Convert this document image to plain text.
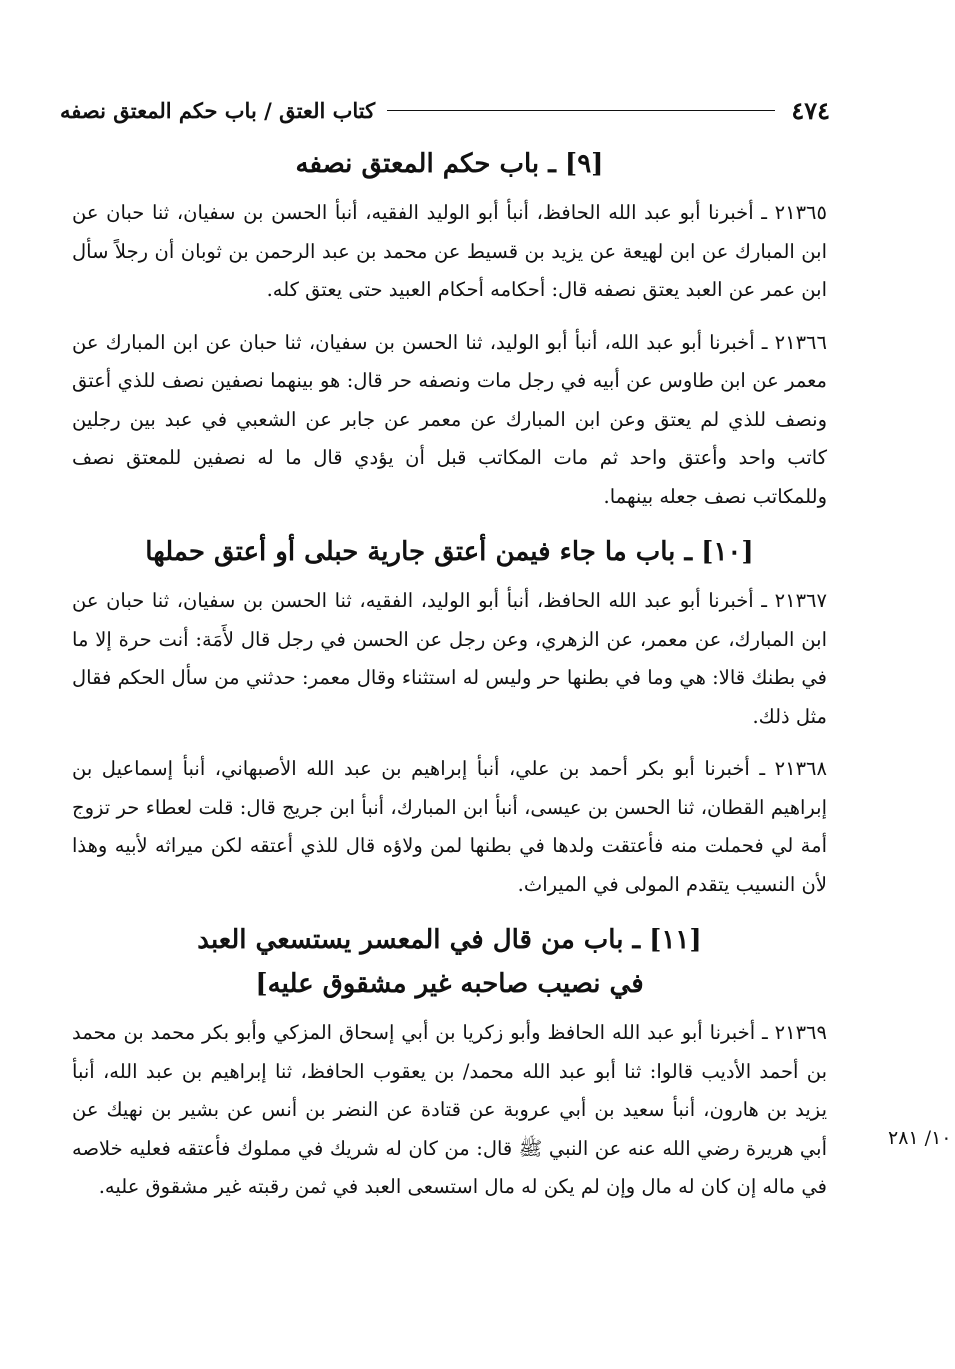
٤٧٤
كتاب العتق / باب حكم المعتق نصفه
[٩] ـ باب حكم المعتق نصفه

٢١٣٦٥ ـ أخبرنا أبو عبد الله الحافظ، أنبأ أبو الوليد الفقيه، أنبأ الحسن بن سفيان، ثنا حبان عن ابن المبارك عن ابن لهيعة عن يزيد بن قسيط عن محمد بن عبد الرحمن بن ثوبان أن رجلاً سأل ابن عمر عن العبد يعتق نصفه قال: أحكامه أحكام العبيد حتى يعتق كله.

٢١٣٦٦ ـ أخبرنا أبو عبد الله، أنبأ أبو الوليد، ثنا الحسن بن سفيان، ثنا حبان عن ابن المبارك عن معمر عن ابن طاوس عن أبيه في رجل مات ونصفه حر قال: هو بينهما نصفين نصف للذي أعتق ونصف للذي لم يعتق وعن ابن المبارك عن معمر عن جابر عن الشعبي في عبد بين رجلين كاتب واحد وأعتق واحد ثم مات المكاتب قبل أن يؤدي قال ما له نصفين للمعتق نصف وللمكاتب نصف جعله بينهما.

[١٠] ـ باب ما جاء فيمن أعتق جارية حبلى أو أعتق حملها

٢١٣٦٧ ـ أخبرنا أبو عبد الله الحافظ، أنبأ أبو الوليد، الفقيه، ثنا الحسن بن سفيان، ثنا حبان عن ابن المبارك، عن معمر، عن الزهري، وعن رجل عن الحسن في رجل قال لأَمَة: أنت حرة إلا ما في بطنك قالا: هي وما في بطنها حر وليس له استثناء وقال معمر: حدثني من سأل الحكم فقال مثل ذلك.

٢١٣٦٨ ـ أخبرنا أبو بكر أحمد بن علي، أنبأ إبراهيم بن عبد الله الأصبهاني، أنبأ إسماعيل بن إبراهيم القطان، ثنا الحسن بن عيسى، أنبأ ابن المبارك، أنبأ ابن جريج قال: قلت لعطاء حر تزوج أمة لي فحملت منه فأعتقت ولدها في بطنها لمن ولاؤه قال للذي أعتقه لكن ميراثه لأبيه وهذا لأن النسيب يتقدم المولى في الميراث.

[١١] ـ باب من قال في المعسر يستسعي العبد
في نصيب صاحبه غير مشقوق عليه]

٢١٣٦٩ ـ أخبرنا أبو عبد الله الحافظ وأبو زكريا بن أبي إسحاق المزكي وأبو بكر محمد بن محمد بن أحمد الأديب قالوا: ثنا أبو عبد الله محمد/ بن يعقوب الحافظ، ثنا إبراهيم بن عبد الله، أنبأ يزيد بن هارون، أنبأ سعيد بن أبي عروبة عن قتادة عن النضر بن أنس عن بشير بن نهيك عن أبي هريرة رضي الله عنه عن النبي ﷺ قال: من كان له شريك في مملوك فأعتقه فعليه خلاصه في ماله إن كان له مال وإن لم يكن له مال استسعى العبد في ثمن رقبته غير مشقوق عليه.

١٠/ ٢٨١
